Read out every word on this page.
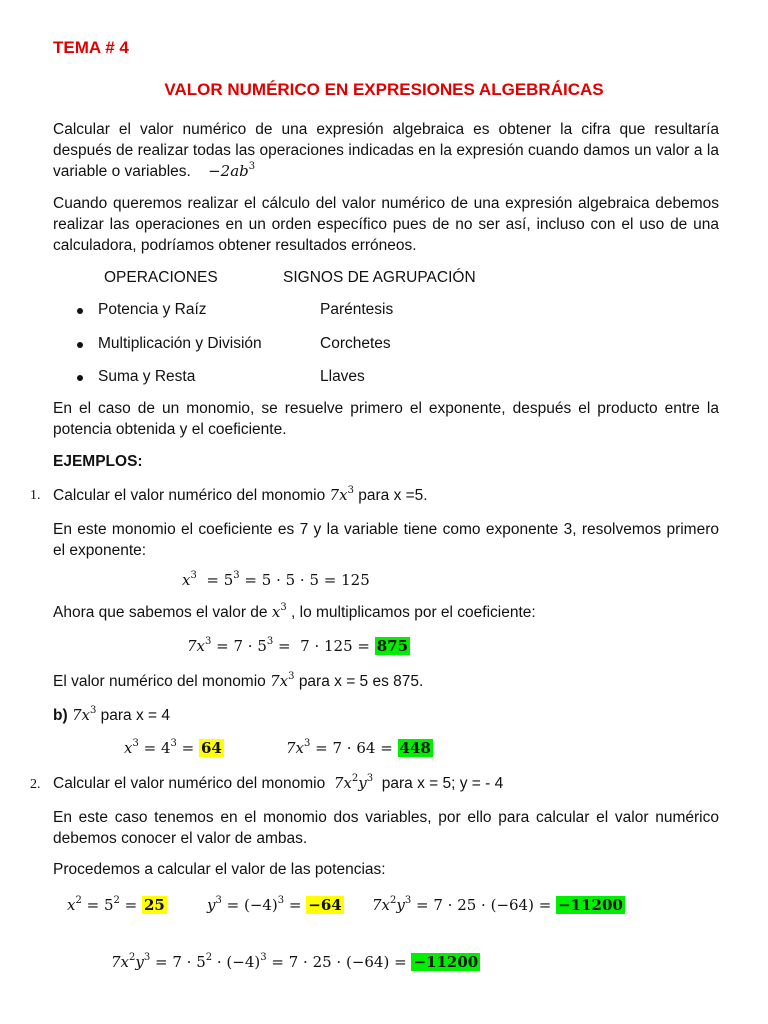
TEMA # 4
VALOR NUMÉRICO EN EXPRESIONES ALGEBRÁICAS
Calcular el valor numérico de una expresión algebraica es obtener la cifra que resultaría después de realizar todas las operaciones indicadas en la expresión cuando damos un valor a la variable o variables. $-2ab^3$
Cuando queremos realizar el cálculo del valor numérico de una expresión algebraica debemos realizar las operaciones en un orden específico pues de no ser así, incluso con el uso de una calculadora, podríamos obtener resultados erróneos.
OPERACIONES	SIGNOS DE AGRUPACIÓN
Potencia y Raíz	Paréntesis
Multiplicación y División	Corchetes
Suma y Resta	Llaves
En el caso de un monomio, se resuelve primero el exponente, después el producto entre la potencia obtenida y el coeficiente.
EJEMPLOS:
1. Calcular el valor numérico del monomio $7x^3$ para x =5.
En este monomio el coeficiente es 7 y la variable tiene como exponente 3, resolvemos primero el exponente:
$x^3 = 5^3 = 5 \cdot 5 \cdot 5 = 125$
Ahora que sabemos el valor de $x^3$ , lo multiplicamos por el coeficiente:
$7x^3 = 7 \cdot 5^3 = 7 \cdot 125 = 875$
El valor numérico del monomio $7x^3$ para x = 5 es 875.
b) $7x^3$ para x = 4
$x^3 = 4^3 = 64$	$7x^3 = 7 \cdot 64 = 448$
2. Calcular el valor numérico del monomio $7x^2y^3$ para x = 5; y = - 4
En este caso tenemos en el monomio dos variables, por ello para calcular el valor numérico debemos conocer el valor de ambas.
Procedemos a calcular el valor de las potencias:
$x^2 = 5^2 = 25$	$y^3 = (-4)^3 = -64$ $7x^2y^3 = 7 \cdot 25 \cdot (-64) = -11200$
$7x^2y^3 = 7 \cdot 5^2 \cdot (-4)^3 = 7 \cdot 25 \cdot (-64) = -11200$
